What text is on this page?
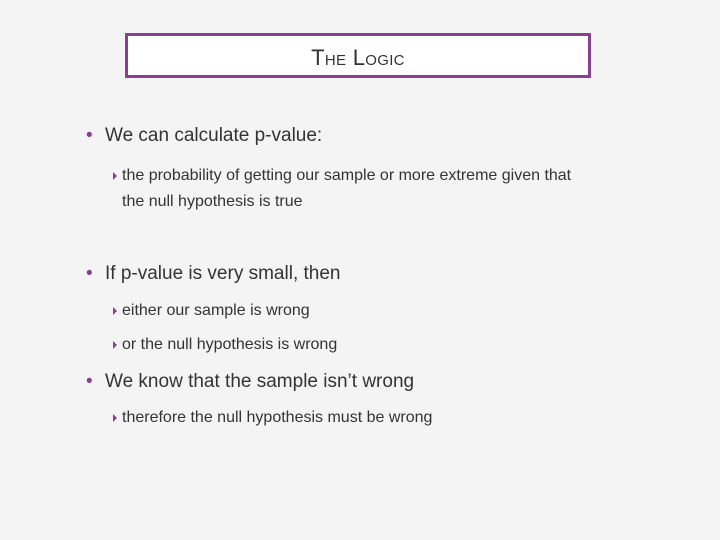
The Logic
• We can calculate p-value:
the probability of getting our sample or more extreme given that the null hypothesis is true
• If p-value is very small, then
either our sample is wrong
or the null hypothesis is wrong
• We know that the sample isn’t wrong
therefore the null hypothesis must be wrong
